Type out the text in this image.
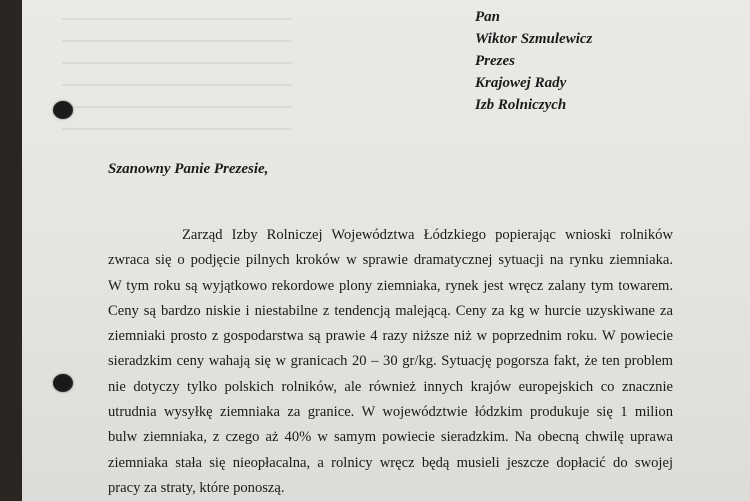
Pan
Wiktor Szmulewicz
Prezes
Krajowej Rady
Izb Rolniczych
Szanowny Panie Prezesie,
Zarząd Izby Rolniczej Województwa Łódzkiego popierając wnioski rolników
zwraca się o podjęcie pilnych kroków w sprawie dramatycznej sytuacji na rynku ziemniaka.
W tym roku są wyjątkowo rekordowe plony ziemniaka, rynek jest wręcz zalany tym towarem.
Ceny są bardzo niskie i niestabilne z tendencją malejącą. Ceny za kg w hurcie uzyskiwane za
ziemniaki prosto z gospodarstwa są prawie 4 razy niższe niż w poprzednim roku. W powiecie
sieradzkim ceny wahają się w granicach 20 – 30 gr/kg. Sytuację pogorsza fakt, że ten problem
nie dotyczy tylko polskich rolników, ale również innych krajów europejskich co znacznie
utrudnia wysyłkę ziemniaka za granice. W województwie łódzkim produkuje się 1 milion
bulw ziemniaka, z czego aż 40% w samym powiecie sieradzkim. Na obecną chwilę uprawa
ziemniaka stała się nieopłacalna, a rolnicy wręcz będą musieli jeszcze dopłacić do swojej
pracy za straty, które ponoszą.
